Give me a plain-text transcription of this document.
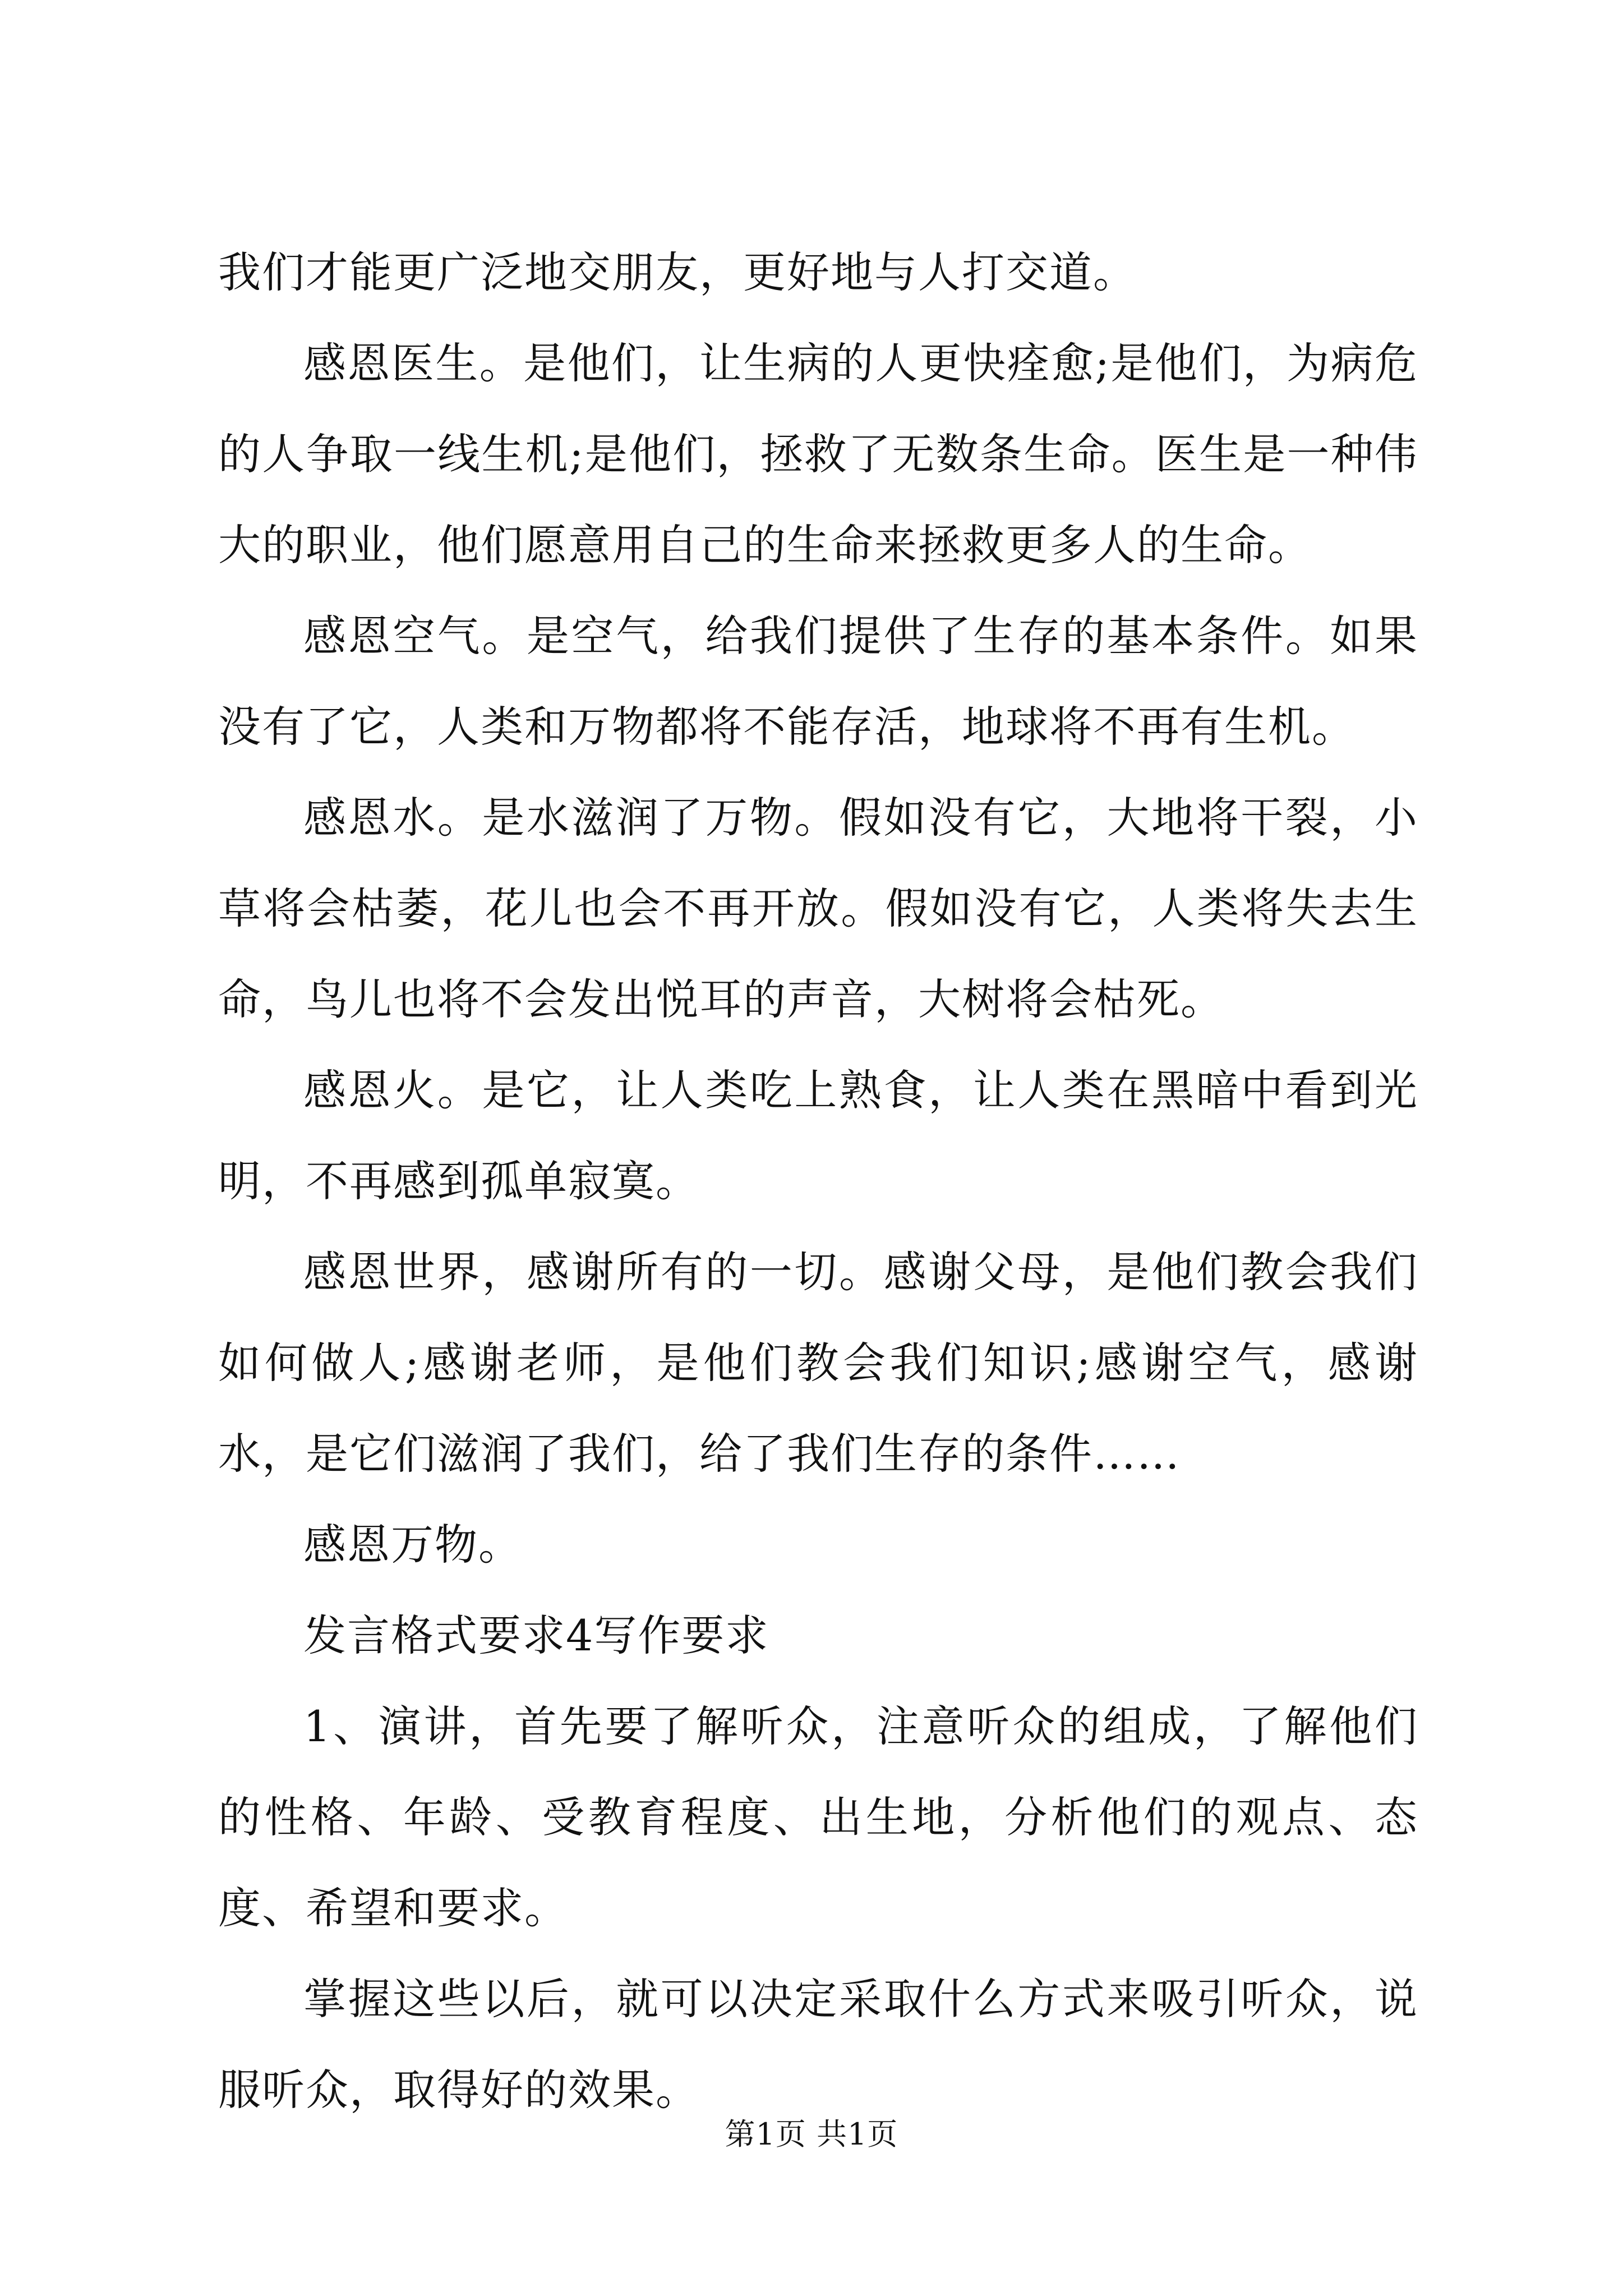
我们才能更广泛地交朋友，更好地与人打交道。

感恩医生。是他们，让生病的人更快痊愈;是他们，为病危的人争取一线生机;是他们，拯救了无数条生命。医生是一种伟大的职业，他们愿意用自己的生命来拯救更多人的生命。

感恩空气。是空气，给我们提供了生存的基本条件。如果没有了它，人类和万物都将不能存活，地球将不再有生机。

感恩水。是水滋润了万物。假如没有它，大地将干裂，小草将会枯萎，花儿也会不再开放。假如没有它，人类将失去生命，鸟儿也将不会发出悦耳的声音，大树将会枯死。

感恩火。是它，让人类吃上熟食，让人类在黑暗中看到光明，不再感到孤单寂寞。

感恩世界，感谢所有的一切。感谢父母，是他们教会我们如何做人;感谢老师，是他们教会我们知识;感谢空气，感谢水，是它们滋润了我们，给了我们生存的条件……

感恩万物。

发言格式要求4写作要求

1、演讲，首先要了解听众，注意听众的组成，了解他们的性格、年龄、受教育程度、出生地，分析他们的观点、态度、希望和要求。

掌握这些以后，就可以决定采取什么方式来吸引听众，说服听众，取得好的效果。

第1页 共1页
